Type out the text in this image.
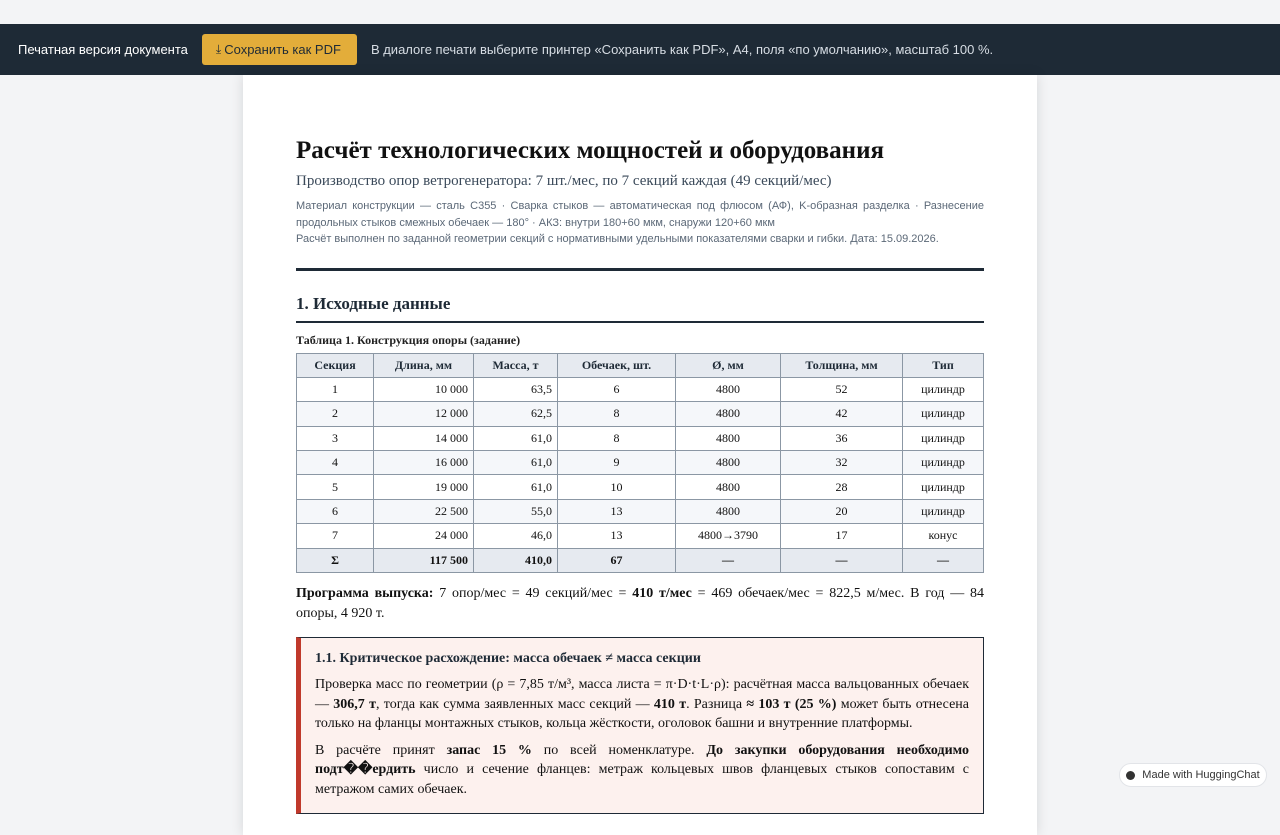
Печатная версия документа ⤓ Сохранить как PDF В диалоге печати выберите принтер «Сохранить как PDF», А4, поля «по умолчанию», масштаб 100 %.
Расчёт технологических мощностей и оборудования
Производство опор ветрогенератора: 7 шт./мес, по 7 секций каждая (49 секций/мес)
Материал конструкции — сталь С355 · Сварка стыков — автоматическая под флюсом (АФ), K-образная разделка · Разнесение продольных стыков смежных обечаек — 180° · АКЗ: внутри 180+60 мкм, снаружи 120+60 мкм
Расчёт выполнен по заданной геометрии секций с нормативными удельными показателями сварки и гибки. Дата: 15.09.2026.
1. Исходные данные
Таблица 1. Конструкция опоры (задание)
Секция	Длина, мм	Масса, т	Обечаек, шт.	Ø, мм	Толщина, мм	Тип
1	10 000	63,5	6	4800	52	цилиндр
2	12 000	62,5	8	4800	42	цилиндр
3	14 000	61,0	8	4800	36	цилиндр
4	16 000	61,0	9	4800	32	цилиндр
5	19 000	61,0	10	4800	28	цилиндр
6	22 500	55,0	13	4800	20	цилиндр
7	24 000	46,0	13	4800→3790	17	конус
Σ	117 500	410,0	67	—	—	—
Программа выпуска: 7 опор/мес = 49 секций/мес = 410 т/мес = 469 обечаек/мес = 822,5 м/мес. В год — 84 опоры, 4 920 т.
1.1. Критическое расхождение: масса обечаек ≠ масса секции

Проверка масс по геометрии (ρ = 7,85 т/м³, масса листа = π·D·t·L·ρ): расчётная масса вальцованных обечаек — 306,7 т, тогда как сумма заявленных масс секций — 410 т. Разница ≈ 103 т (25 %) может быть отнесена только на фланцы монтажных стыков, кольца жёсткости, оголовок башни и внутренние платформы.

В расчёте принят запас 15 % по всей номенклатуре. До закупки оборудования необходимо подт��ердить число и сечение фланцев: метраж кольцевых швов фланцевых стыков сопоставим с метражом самих обечаек.

Made with HuggingChat
